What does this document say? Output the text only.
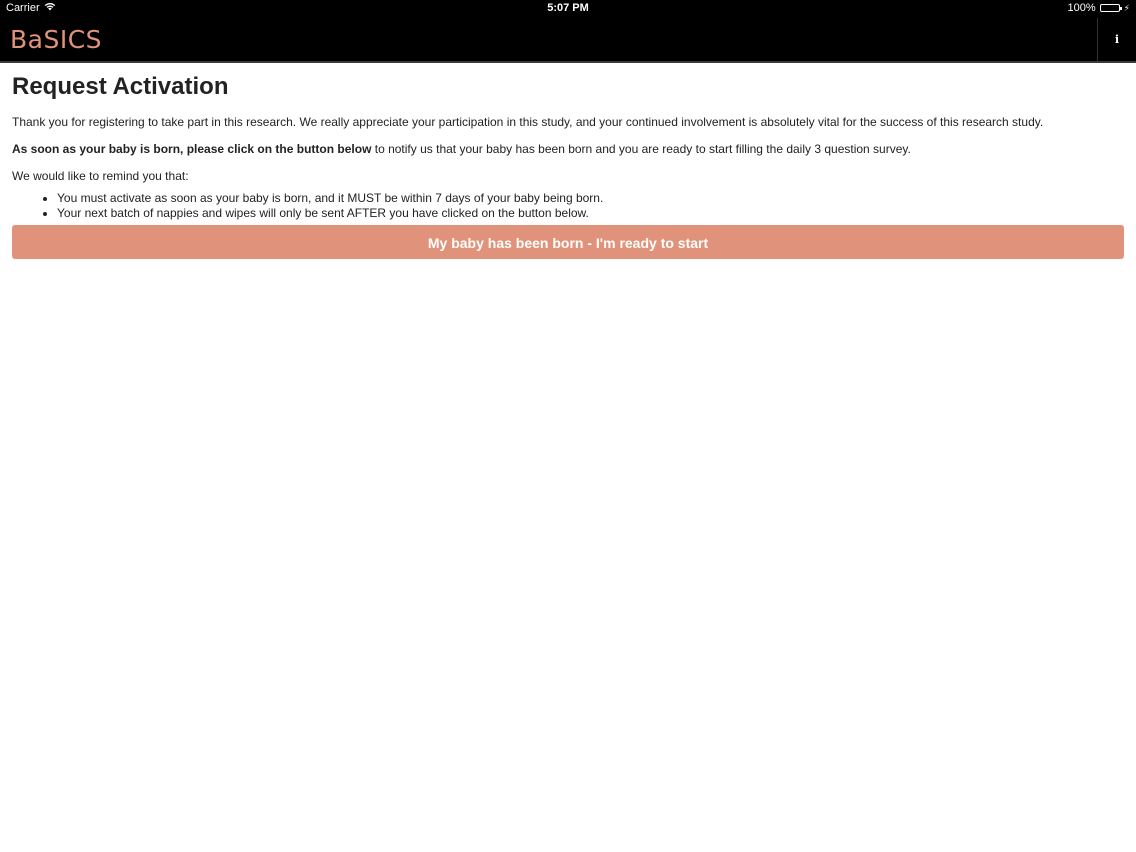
Carrier	5:07 PM	100%	⚡
BaSICS	i
Request Activation

Thank you for registering to take part in this research. We really appreciate your participation in this study, and your continued involvement is absolutely vital for the success of this research study.

As soon as your baby is born, please click on the button below to notify us that your baby has been born and you are ready to start filling the daily 3 question survey.

We would like to remind you that:

• You must activate as soon as your baby is born, and it MUST be within 7 days of your baby being born.
• Your next batch of nappies and wipes will only be sent AFTER you have clicked on the button below.
My baby has been born - I'm ready to start
